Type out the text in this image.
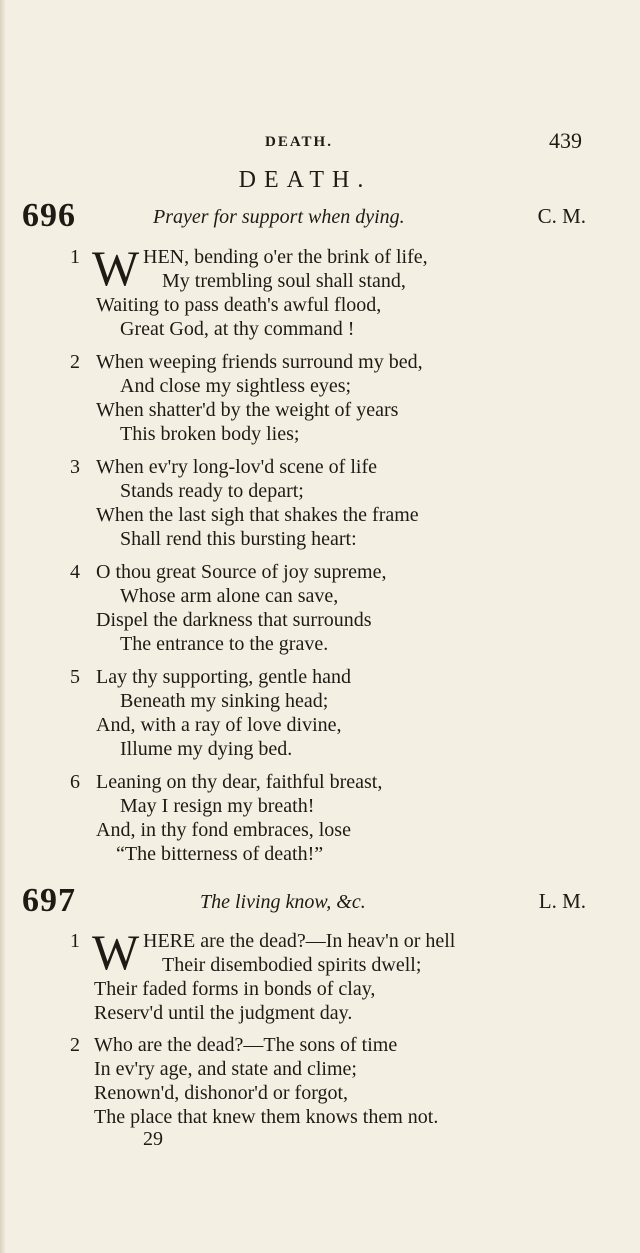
DEATH.	439
DEATH.
696	Prayer for support when dying.	C. M.
1 W HEN, bending o'er the brink of life,
My trembling soul shall stand,
Waiting to pass death's awful flood,
Great God, at thy command !
2 When weeping friends surround my bed,
And close my sightless eyes;
When shatter'd by the weight of years
This broken body lies;
3 When ev'ry long-lov'd scene of life
Stands ready to depart;
When the last sigh that shakes the frame
Shall rend this bursting heart:
4 O thou great Source of joy supreme,
Whose arm alone can save,
Dispel the darkness that surrounds
The entrance to the grave.
5 Lay thy supporting, gentle hand
Beneath my sinking head;
And, with a ray of love divine,
Illume my dying bed.
6 Leaning on thy dear, faithful breast,
May I resign my breath!
And, in thy fond embraces, lose
“The bitterness of death!”
697	The living know, &c.	L. M.
1 W HERE are the dead?—In heav'n or hell
Their disembodied spirits dwell;
Their faded forms in bonds of clay,
Reserv'd until the judgment day.
2 Who are the dead?—The sons of time
In ev'ry age, and state and clime;
Renown'd, dishonor'd or forgot,
The place that knew them knows them not.
29
